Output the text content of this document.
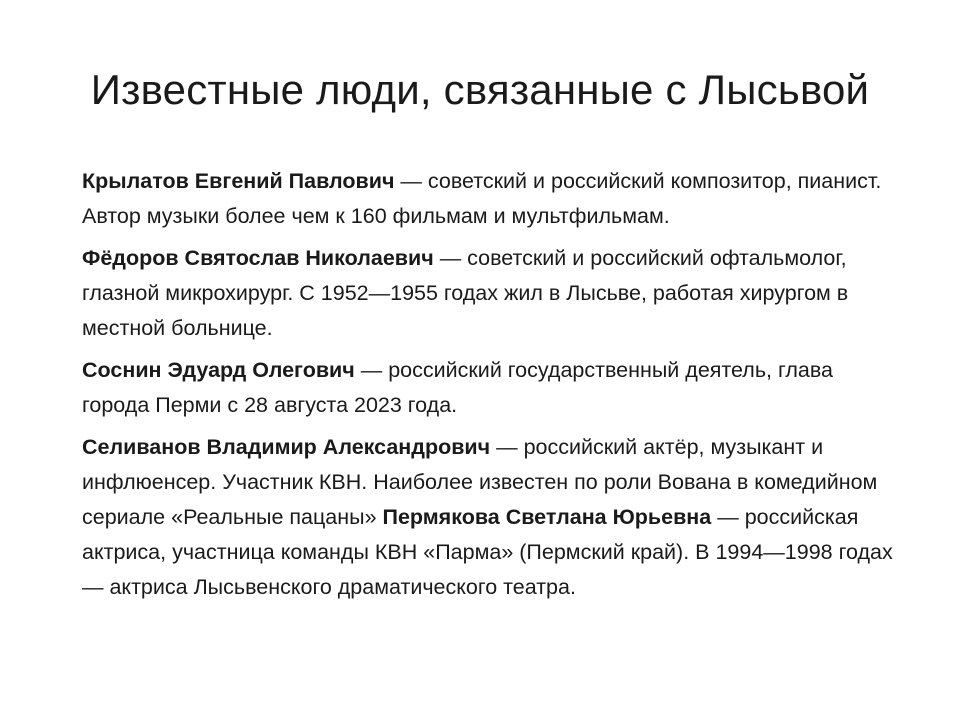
Известные люди, связанные с Лысьвой

Крылатов Евгений Павлович — советский и российский композитор, пианист. Автор музыки более чем к 160 фильмам и мультфильмам.

Фёдоров Святослав Николаевич — советский и российский офтальмолог, глазной микрохирург. С 1952—1955 годах жил в Лысьве, работая хирургом в местной больнице.

Соснин Эдуард Олегович — российский государственный деятель, глава города Перми с 28 августа 2023 года.

Селиванов Владимир Александрович — российский актёр, музыкант и инфлюенсер. Участник КВН. Наиболее известен по роли Вована в комедийном сериале «Реальные пацаны» Пермякова Светлана Юрьевна — российская актриса, участница команды КВН «Парма» (Пермский край). В 1994—1998 годах — актриса Лысьвенского драматического театра.
